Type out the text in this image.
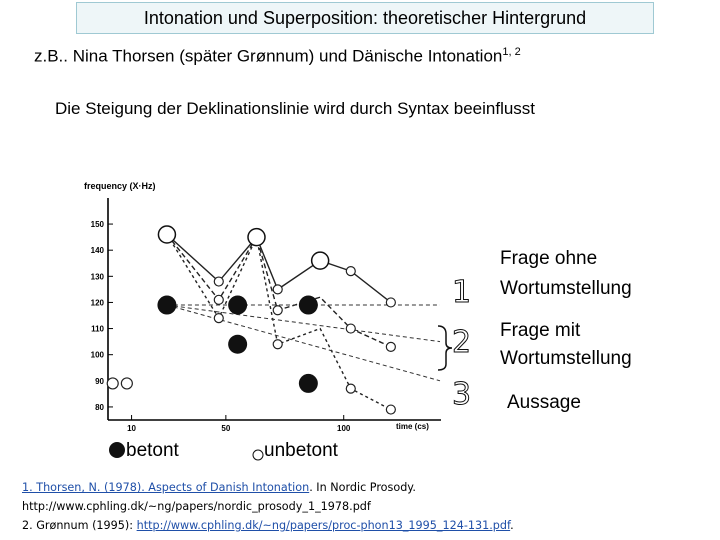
Intonation und Superposition: theoretischer Hintergrund
z.B.. Nina Thorsen (später Grønnum) und Dänische Intonation$^{1, 2}$
Die Steigung der Deklinationslinie wird durch Syntax beeinflusst
frequency (X·Hz)
time (cs)
150
140
130
120
110
100
90
80
10	50	100
1
2
3
Frage ohne
Wortumstellung
Frage mit
Wortumstellung
Aussage
betont	unbetont
1. Thorsen, N. (1978). Aspects of Danish Intonation. In Nordic Prosody.
http://www.cphling.dk/~ng/papers/nordic_prosody_1_1978.pdf
2. Grønnum (1995): http://www.cphling.dk/~ng/papers/proc-phon13_1995_124-131.pdf.
